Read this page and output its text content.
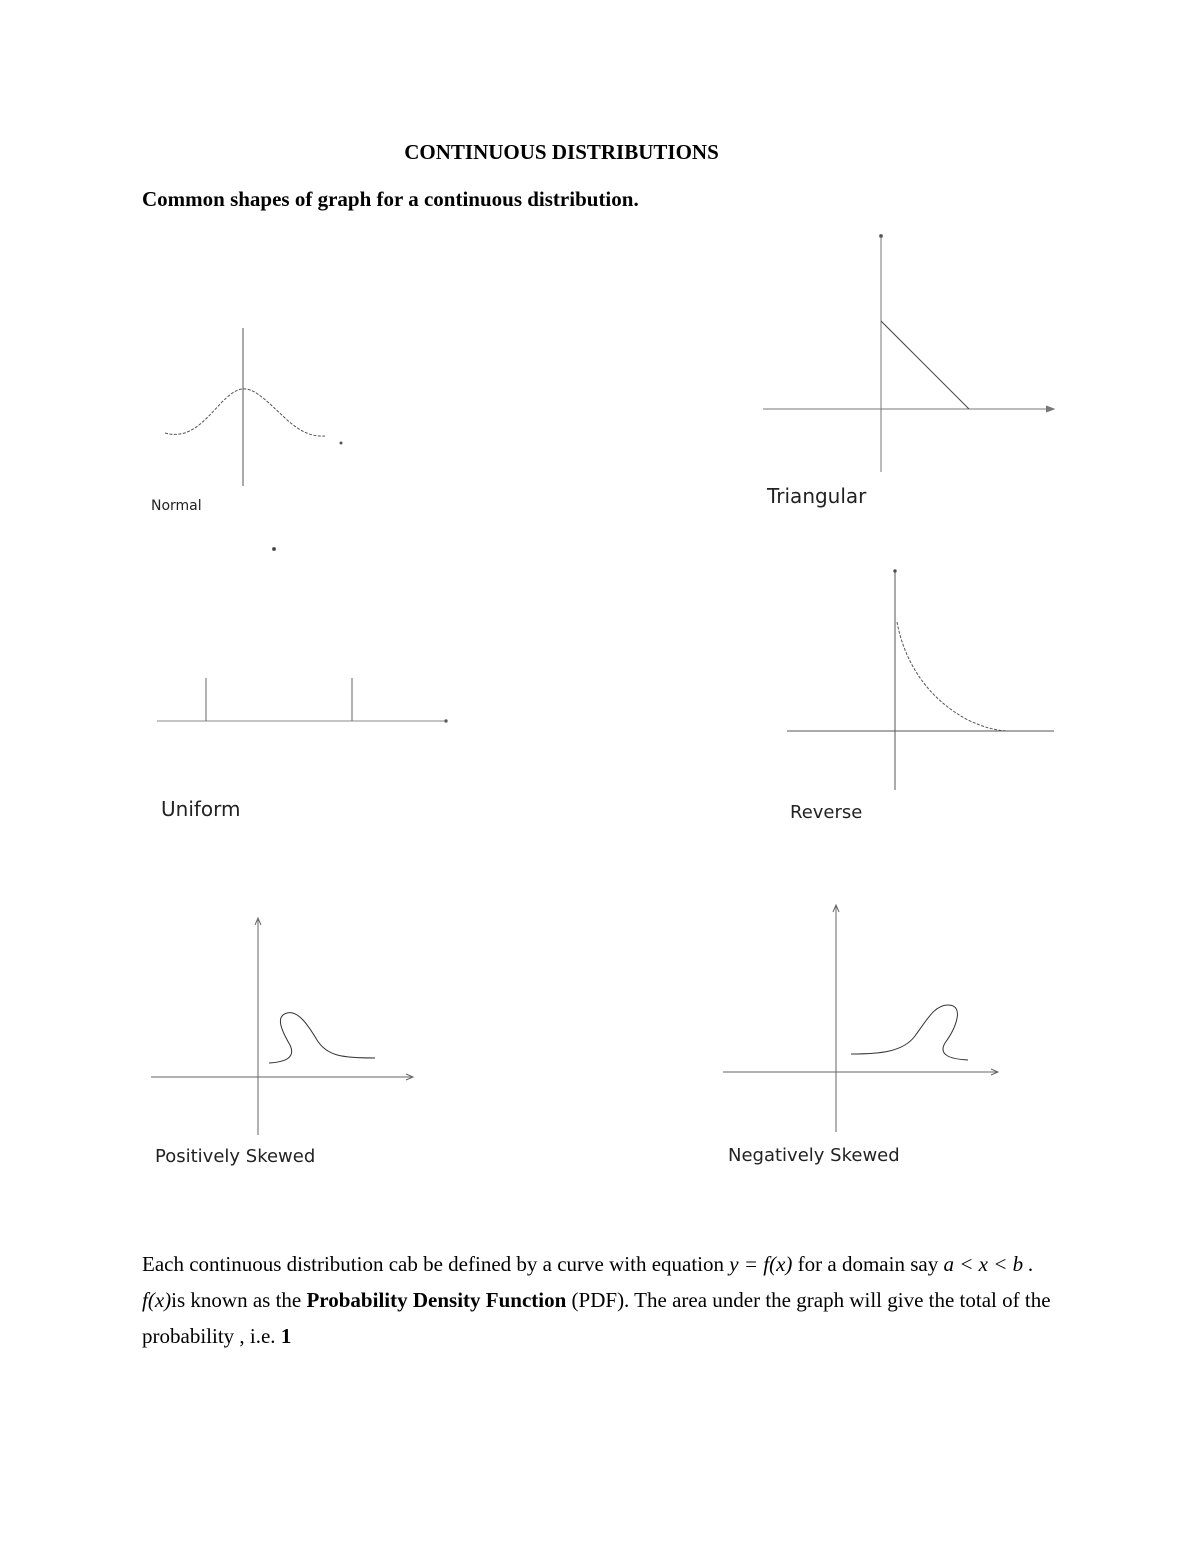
CONTINUOUS DISTRIBUTIONS
Common shapes of graph for a continuous distribution.
Normal	Triangular
Uniform	Reverse
Positively Skewed	Negatively Skewed
Each continuous distribution cab be defined by a curve with equation y = f(x) for a domain say a < x < b . f(x)is known as the Probability Density Function (PDF). The area under the graph will give the total of the probability , i.e. 1
